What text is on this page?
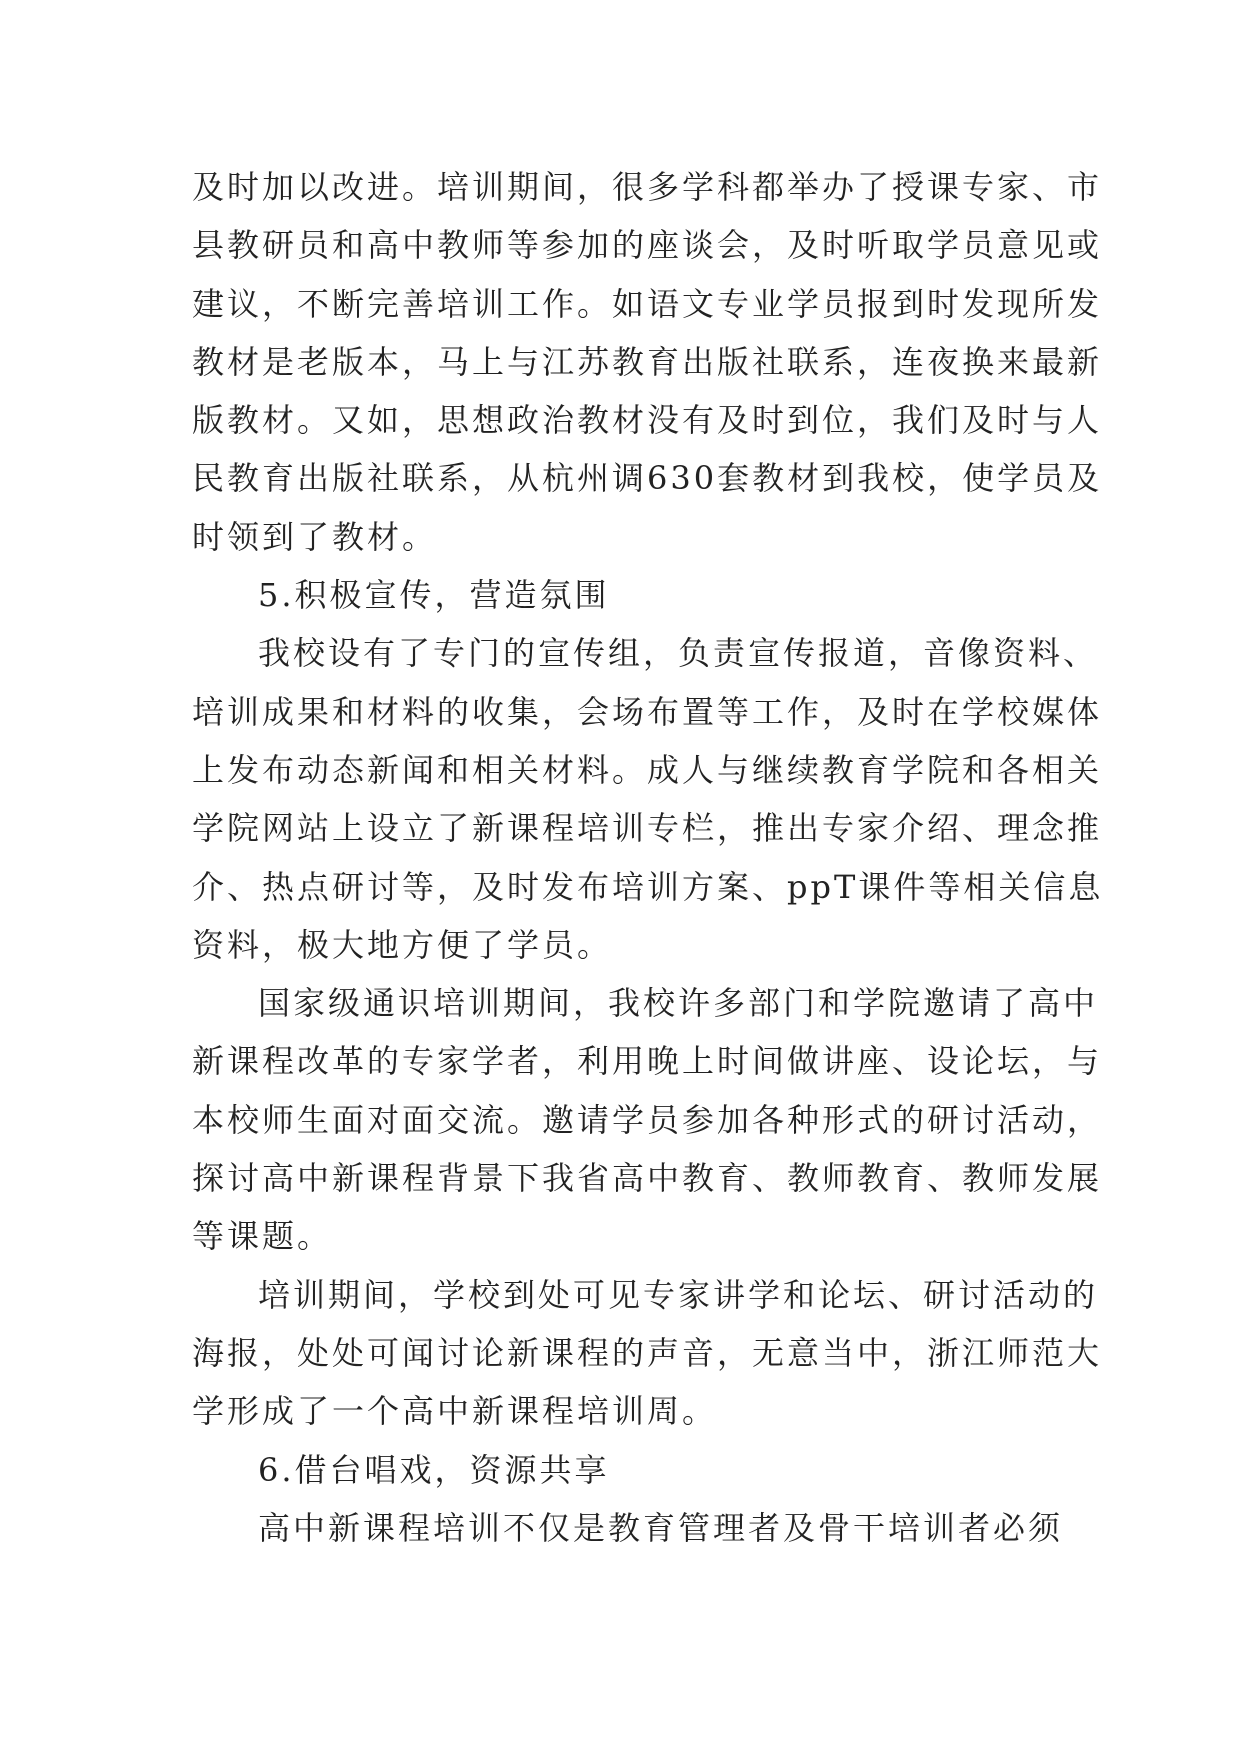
及时加以改进。培训期间，很多学科都举办了授课专家、市
县教研员和高中教师等参加的座谈会，及时听取学员意见或
建议，不断完善培训工作。如语文专业学员报到时发现所发
教材是老版本，马上与江苏教育出版社联系，连夜换来最新
版教材。又如，思想政治教材没有及时到位，我们及时与人
民教育出版社联系，从杭州调630套教材到我校，使学员及
时领到了教材。
5.积极宣传，营造氛围
我校设有了专门的宣传组，负责宣传报道，音像资料、
培训成果和材料的收集，会场布置等工作，及时在学校媒体
上发布动态新闻和相关材料。成人与继续教育学院和各相关
学院网站上设立了新课程培训专栏，推出专家介绍、理念推
介、热点研讨等，及时发布培训方案、ppT课件等相关信息
资料，极大地方便了学员。
国家级通识培训期间，我校许多部门和学院邀请了高中
新课程改革的专家学者，利用晚上时间做讲座、设论坛，与
本校师生面对面交流。邀请学员参加各种形式的研讨活动，
探讨高中新课程背景下我省高中教育、教师教育、教师发展
等课题。
培训期间，学校到处可见专家讲学和论坛、研讨活动的
海报，处处可闻讨论新课程的声音，无意当中，浙江师范大
学形成了一个高中新课程培训周。
6.借台唱戏，资源共享
高中新课程培训不仅是教育管理者及骨干培训者必须
